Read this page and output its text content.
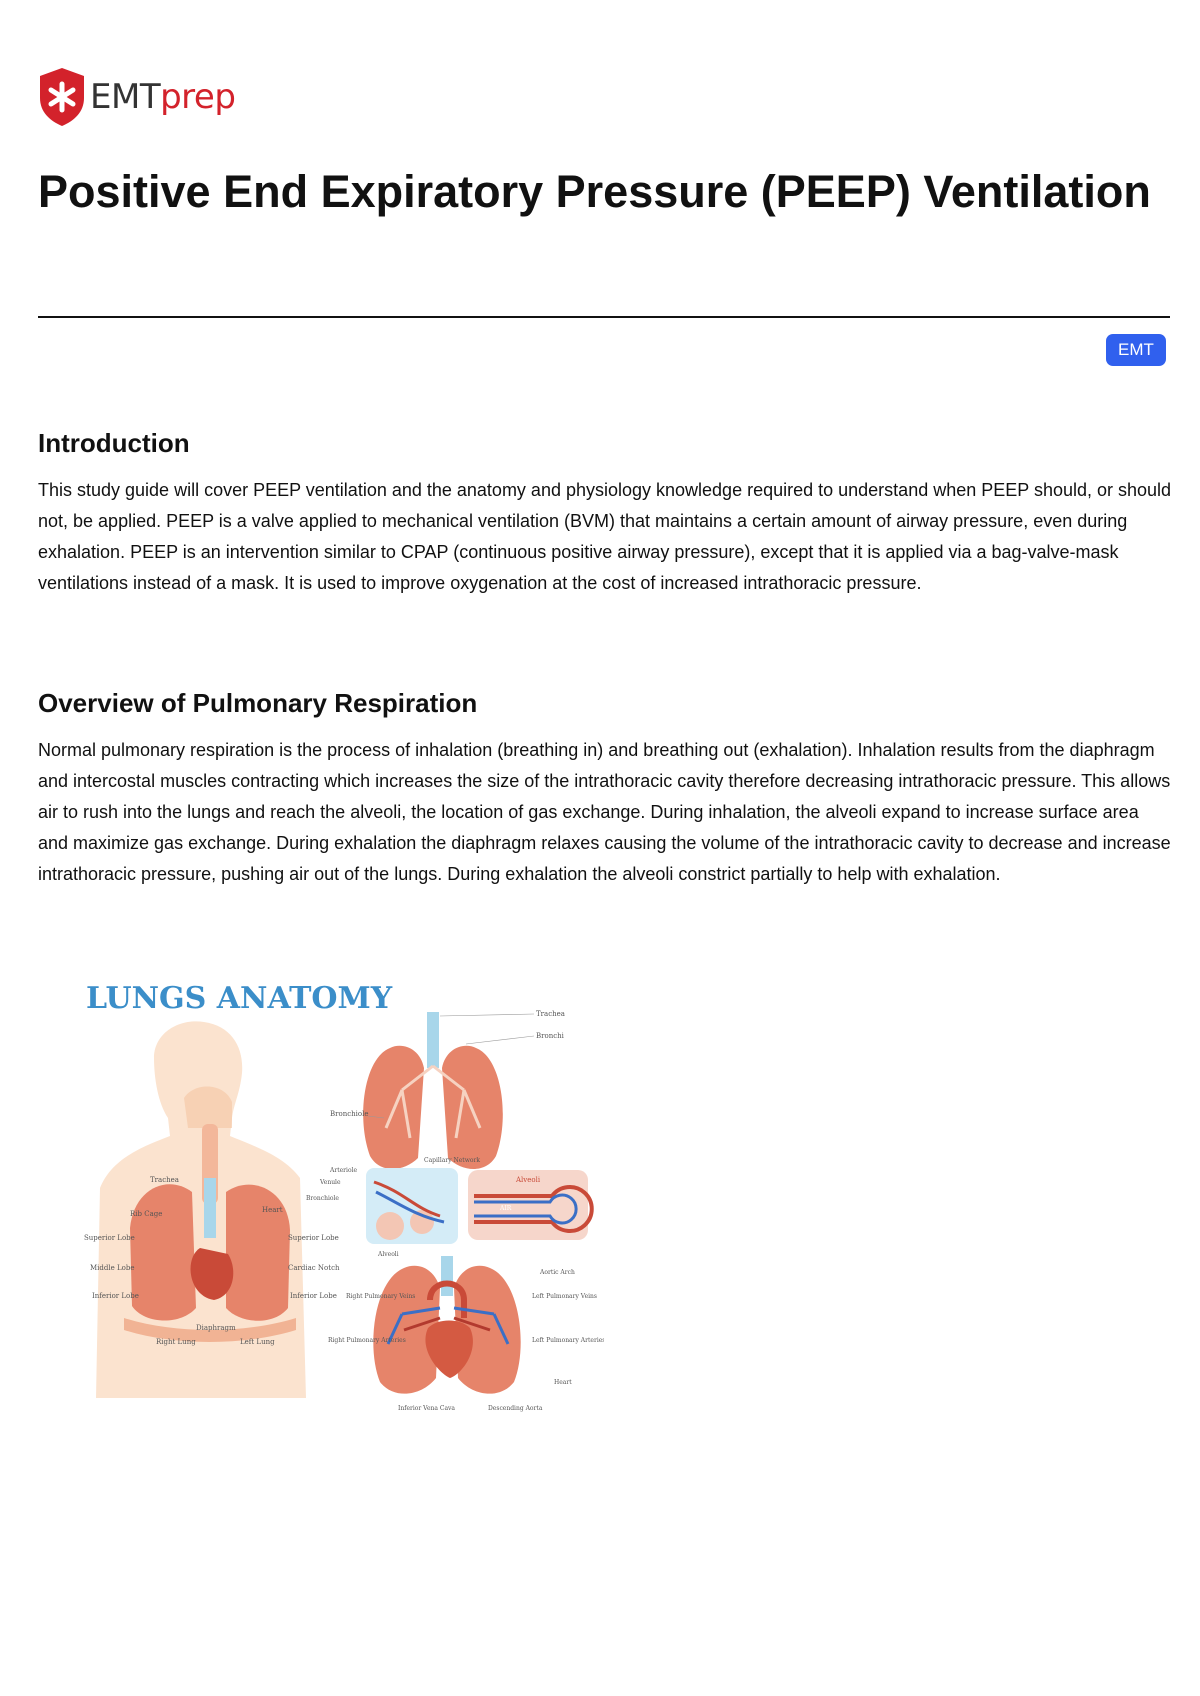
EMTprep
Positive End Expiratory Pressure (PEEP) Ventilation
EMT
Introduction

This study guide will cover PEEP ventilation and the anatomy and physiology knowledge required to understand when PEEP should, or should not, be applied. PEEP is a valve applied to mechanical ventilation (BVM) that maintains a certain amount of airway pressure, even during exhalation. PEEP is an intervention similar to CPAP (continuous positive airway pressure), except that it is applied via a bag-valve-mask ventilations instead of a mask. It is used to improve oxygenation at the cost of increased intrathoracic pressure.

Overview of Pulmonary Respiration

Normal pulmonary respiration is the process of inhalation (breathing in) and breathing out (exhalation). Inhalation results from the diaphragm and intercostal muscles contracting which increases the size of the intrathoracic cavity therefore decreasing intrathoracic pressure. This allows air to rush into the lungs and reach the alveoli, the location of gas exchange. During inhalation, the alveoli expand to increase surface area and maximize gas exchange. During exhalation the diaphragm relaxes causing the volume of the intrathoracic cavity to decrease and increase intrathoracic pressure, pushing air out of the lungs. During exhalation the alveoli constrict partially to help with exhalation.

LUNGS ANATOMY
Trachea
Rib Cage	Heart
Superior Lobe	Superior Lobe
Middle Lobe	Cardiac Notch
Inferior Lobe	Inferior Lobe
Diaphragm
Right Lung	Left Lung
Trachea
Bronchi
Bronchiole
Arteriole
Venule
Bronchiole
Capillary Network
Alveoli
Alveoli
AIR
Aortic Arch
Right Pulmonary Veins	Left Pulmonary Veins
Right Pulmonary Arteries	Left Pulmonary Arteries
Heart
Inferior Vena Cava	Descending Aorta
